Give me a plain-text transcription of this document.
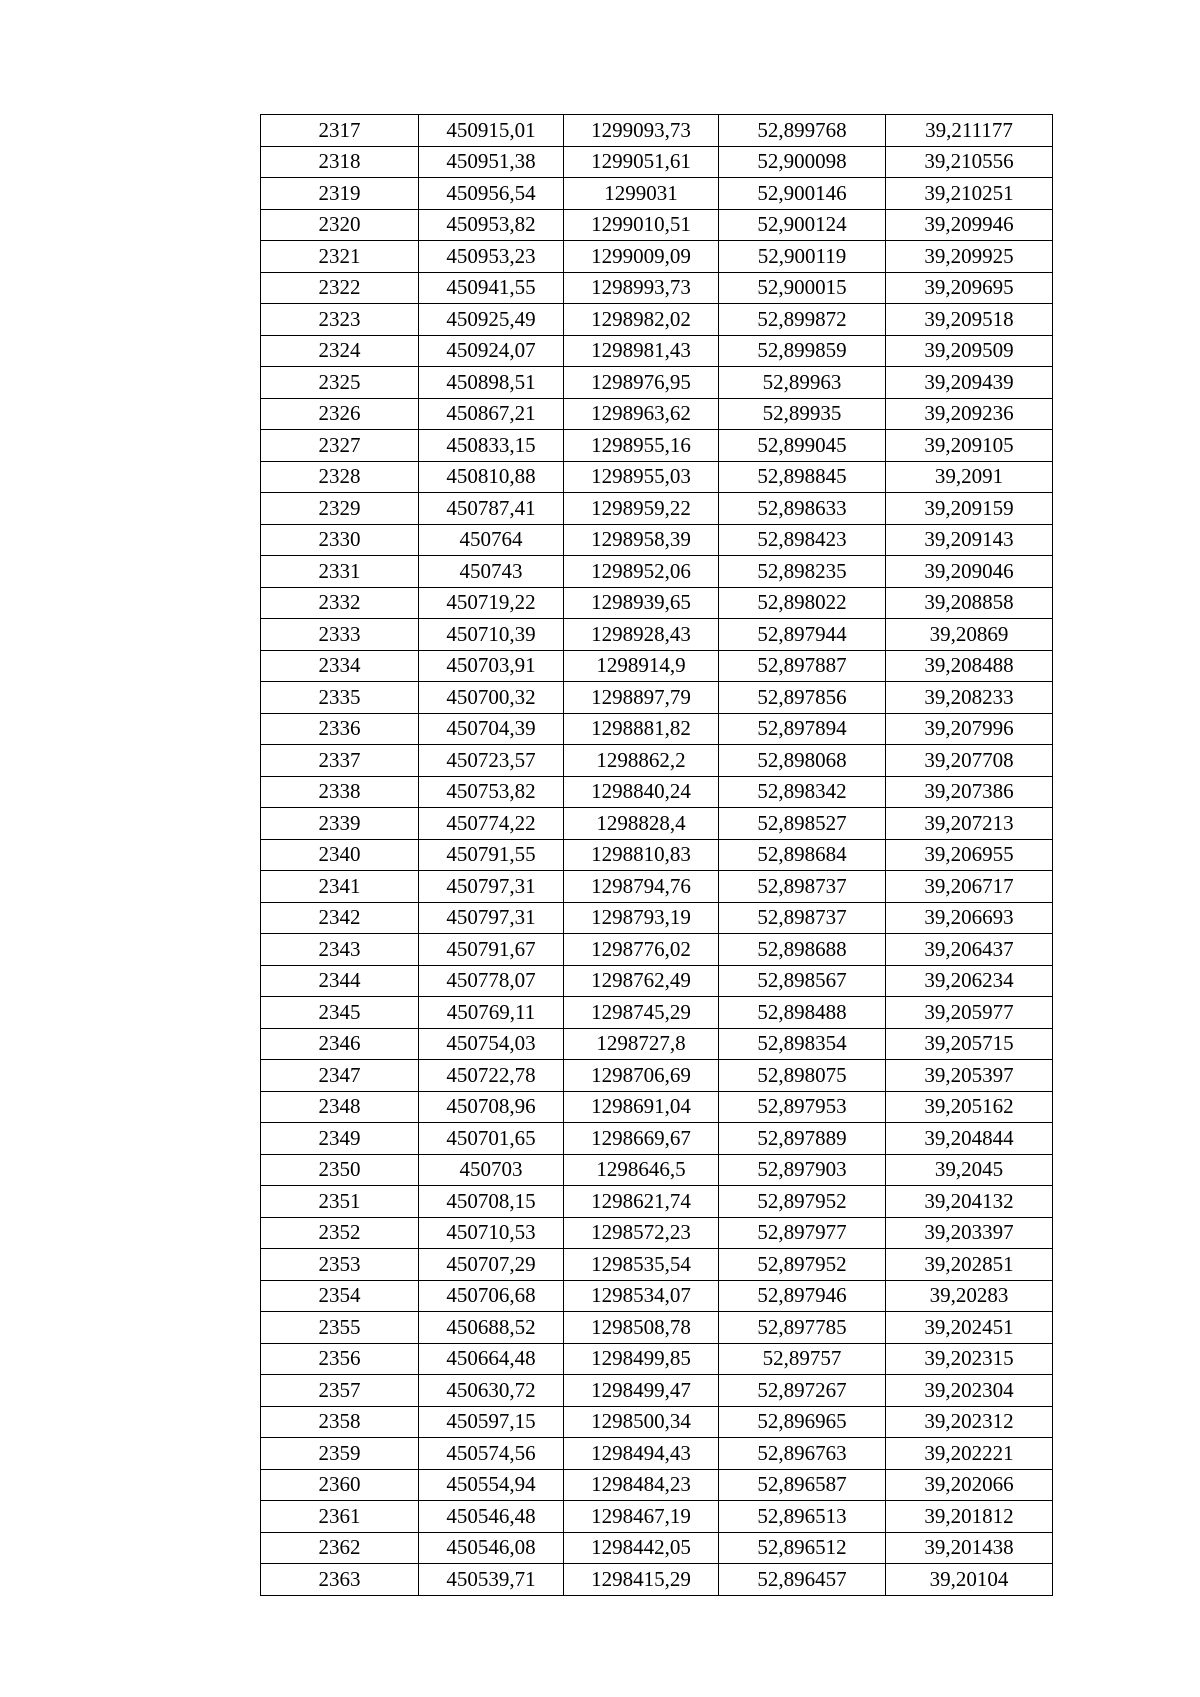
2317	450915,01	1299093,73	52,899768	39,211177
2318	450951,38	1299051,61	52,900098	39,210556
2319	450956,54	1299031	52,900146	39,210251
2320	450953,82	1299010,51	52,900124	39,209946
2321	450953,23	1299009,09	52,900119	39,209925
2322	450941,55	1298993,73	52,900015	39,209695
2323	450925,49	1298982,02	52,899872	39,209518
2324	450924,07	1298981,43	52,899859	39,209509
2325	450898,51	1298976,95	52,89963	39,209439
2326	450867,21	1298963,62	52,89935	39,209236
2327	450833,15	1298955,16	52,899045	39,209105
2328	450810,88	1298955,03	52,898845	39,2091
2329	450787,41	1298959,22	52,898633	39,209159
2330	450764	1298958,39	52,898423	39,209143
2331	450743	1298952,06	52,898235	39,209046
2332	450719,22	1298939,65	52,898022	39,208858
2333	450710,39	1298928,43	52,897944	39,20869
2334	450703,91	1298914,9	52,897887	39,208488
2335	450700,32	1298897,79	52,897856	39,208233
2336	450704,39	1298881,82	52,897894	39,207996
2337	450723,57	1298862,2	52,898068	39,207708
2338	450753,82	1298840,24	52,898342	39,207386
2339	450774,22	1298828,4	52,898527	39,207213
2340	450791,55	1298810,83	52,898684	39,206955
2341	450797,31	1298794,76	52,898737	39,206717
2342	450797,31	1298793,19	52,898737	39,206693
2343	450791,67	1298776,02	52,898688	39,206437
2344	450778,07	1298762,49	52,898567	39,206234
2345	450769,11	1298745,29	52,898488	39,205977
2346	450754,03	1298727,8	52,898354	39,205715
2347	450722,78	1298706,69	52,898075	39,205397
2348	450708,96	1298691,04	52,897953	39,205162
2349	450701,65	1298669,67	52,897889	39,204844
2350	450703	1298646,5	52,897903	39,2045
2351	450708,15	1298621,74	52,897952	39,204132
2352	450710,53	1298572,23	52,897977	39,203397
2353	450707,29	1298535,54	52,897952	39,202851
2354	450706,68	1298534,07	52,897946	39,20283
2355	450688,52	1298508,78	52,897785	39,202451
2356	450664,48	1298499,85	52,89757	39,202315
2357	450630,72	1298499,47	52,897267	39,202304
2358	450597,15	1298500,34	52,896965	39,202312
2359	450574,56	1298494,43	52,896763	39,202221
2360	450554,94	1298484,23	52,896587	39,202066
2361	450546,48	1298467,19	52,896513	39,201812
2362	450546,08	1298442,05	52,896512	39,201438
2363	450539,71	1298415,29	52,896457	39,20104
